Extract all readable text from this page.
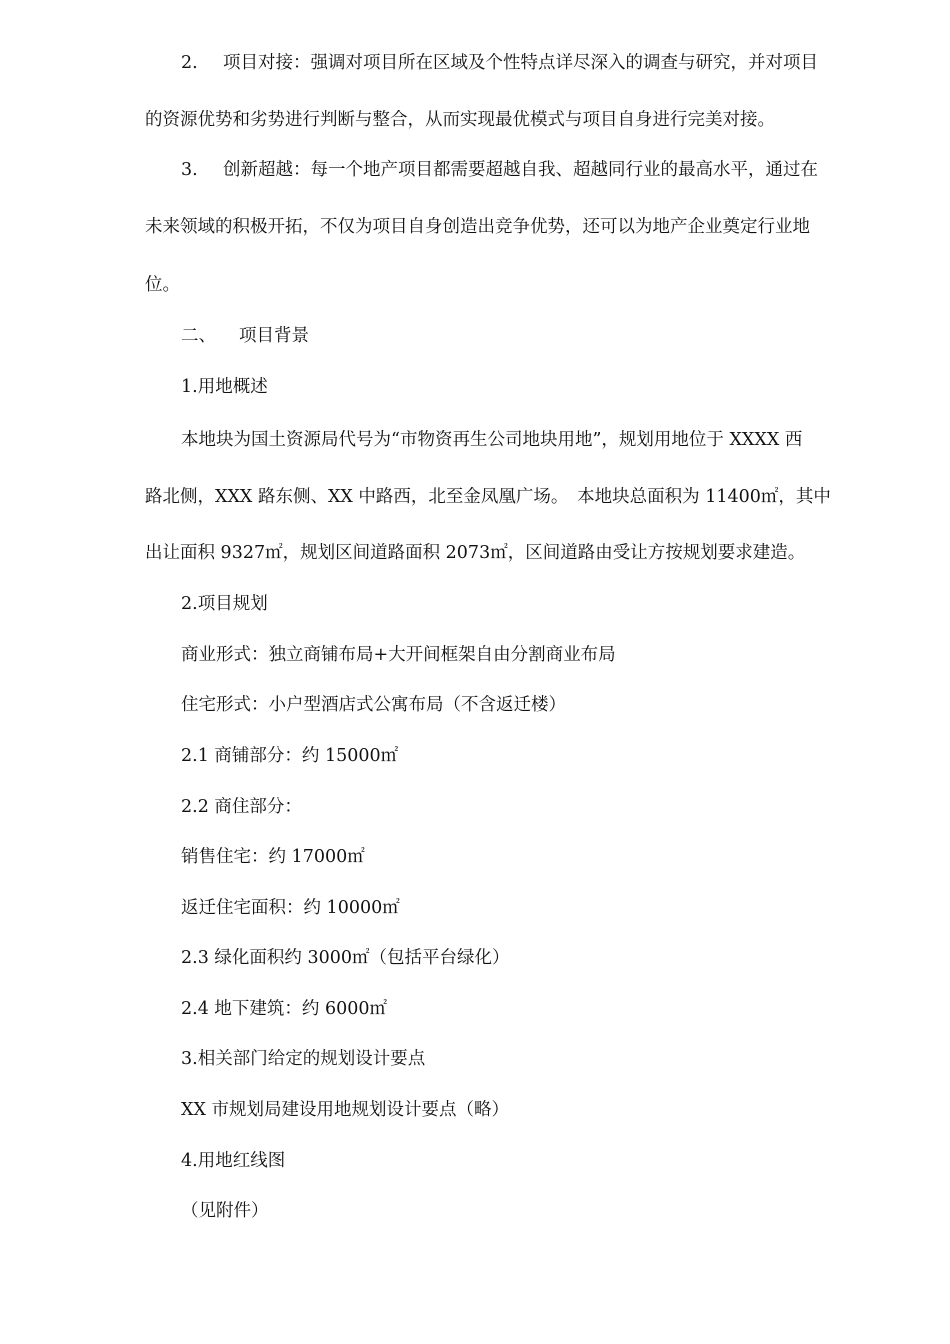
2. 项目对接：强调对项目所在区域及个性特点详尽深入的调查与研究，并对项目
的资源优势和劣势进行判断与整合，从而实现最优模式与项目自身进行完美对接。
3. 创新超越：每一个地产项目都需要超越自我、超越同行业的最高水平，通过在
未来领域的积极开拓，不仅为项目自身创造出竞争优势，还可以为地产企业奠定行业地
位。
二、 项目背景
1.用地概述
本地块为国土资源局代号为“市物资再生公司地块用地”，规划用地位于 XXXX 西
路北侧，XXX 路东侧、XX 中路西，北至金凤凰广场。　本地块总面积为 11400㎡，其中
出让面积 9327㎡，规划区间道路面积 2073㎡，区间道路由受让方按规划要求建造。
2.项目规划
商业形式：独立商铺布局+大开间框架自由分割商业布局
住宅形式：小户型酒店式公寓布局（不含返迁楼）
2.1 商铺部分：约 15000㎡
2.2 商住部分：
销售住宅：约 17000㎡
返迁住宅面积：约 10000㎡
2.3 绿化面积约 3000㎡（包括平台绿化）
2.4 地下建筑：约 6000㎡
3.相关部门给定的规划设计要点
XX 市规划局建设用地规划设计要点（略）
4.用地红线图
（见附件）
